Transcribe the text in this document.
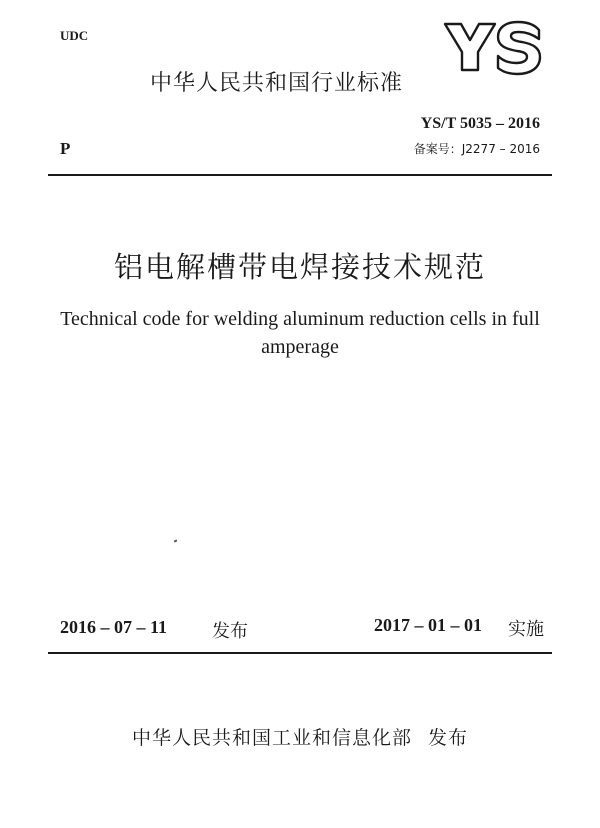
UDC
中华人民共和国行业标准
YS/T 5035 – 2016
P	备案号：J2277 – 2016
铝电解槽带电焊接技术规范
Technical code for welding aluminum reduction cells in full amperage
2016 – 07 – 11 发布	2017 – 01 – 01 实施
中华人民共和国工业和信息化部 发布
